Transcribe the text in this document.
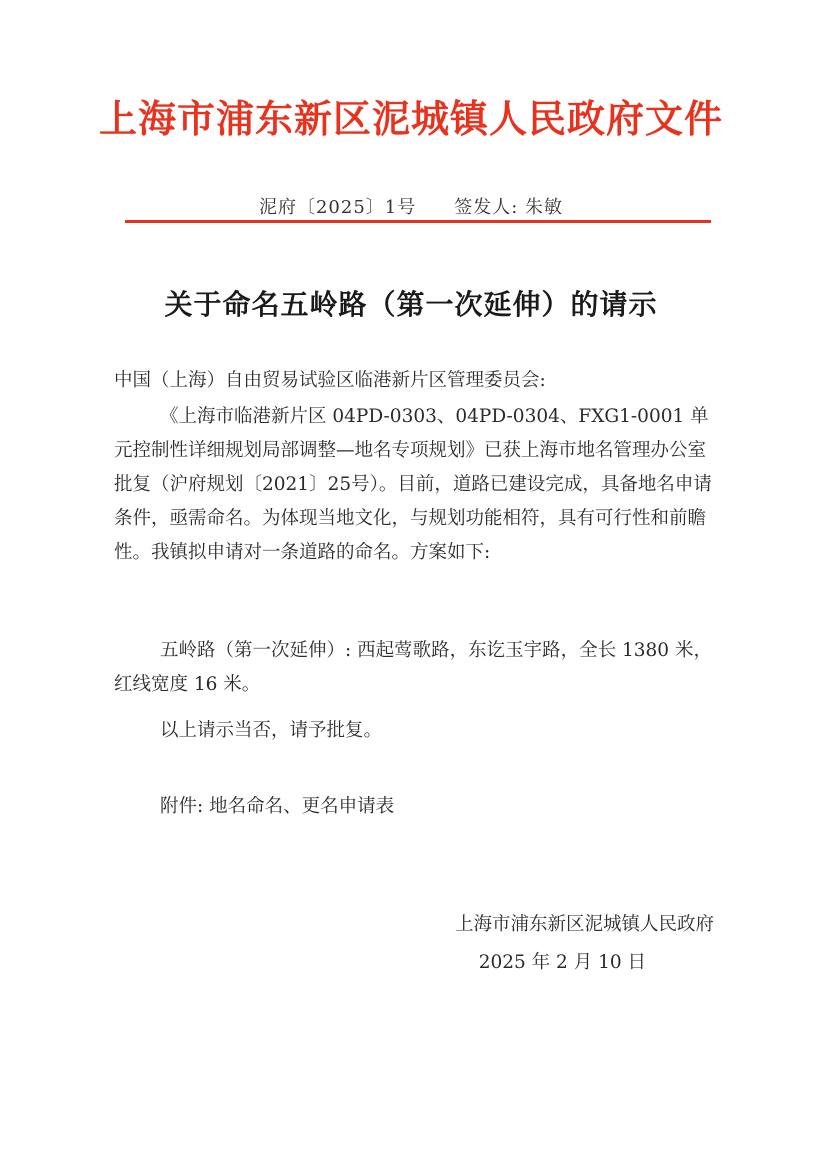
上海市浦东新区泥城镇人民政府文件
泥府〔2025〕1号 签发人: 朱敏
关于命名五岭路（第一次延伸）的请示
中国（上海）自由贸易试验区临港新片区管理委员会:
《上海市临港新片区 04PD-0303、04PD-0304、FXG1-0001 单元控制性详细规划局部调整—地名专项规划》已获上海市地名管理办公室批复（沪府规划〔2021〕25号）。目前，道路已建设完成，具备地名申请条件，亟需命名。为体现当地文化，与规划功能相符，具有可行性和前瞻性。我镇拟申请对一条道路的命名。方案如下:
五岭路（第一次延伸）: 西起莺歌路，东讫玉宇路，全长 1380 米，红线宽度 16 米。
以上请示当否，请予批复。
附件: 地名命名、更名申请表
上海市浦东新区泥城镇人民政府
2025 年 2 月 10 日
